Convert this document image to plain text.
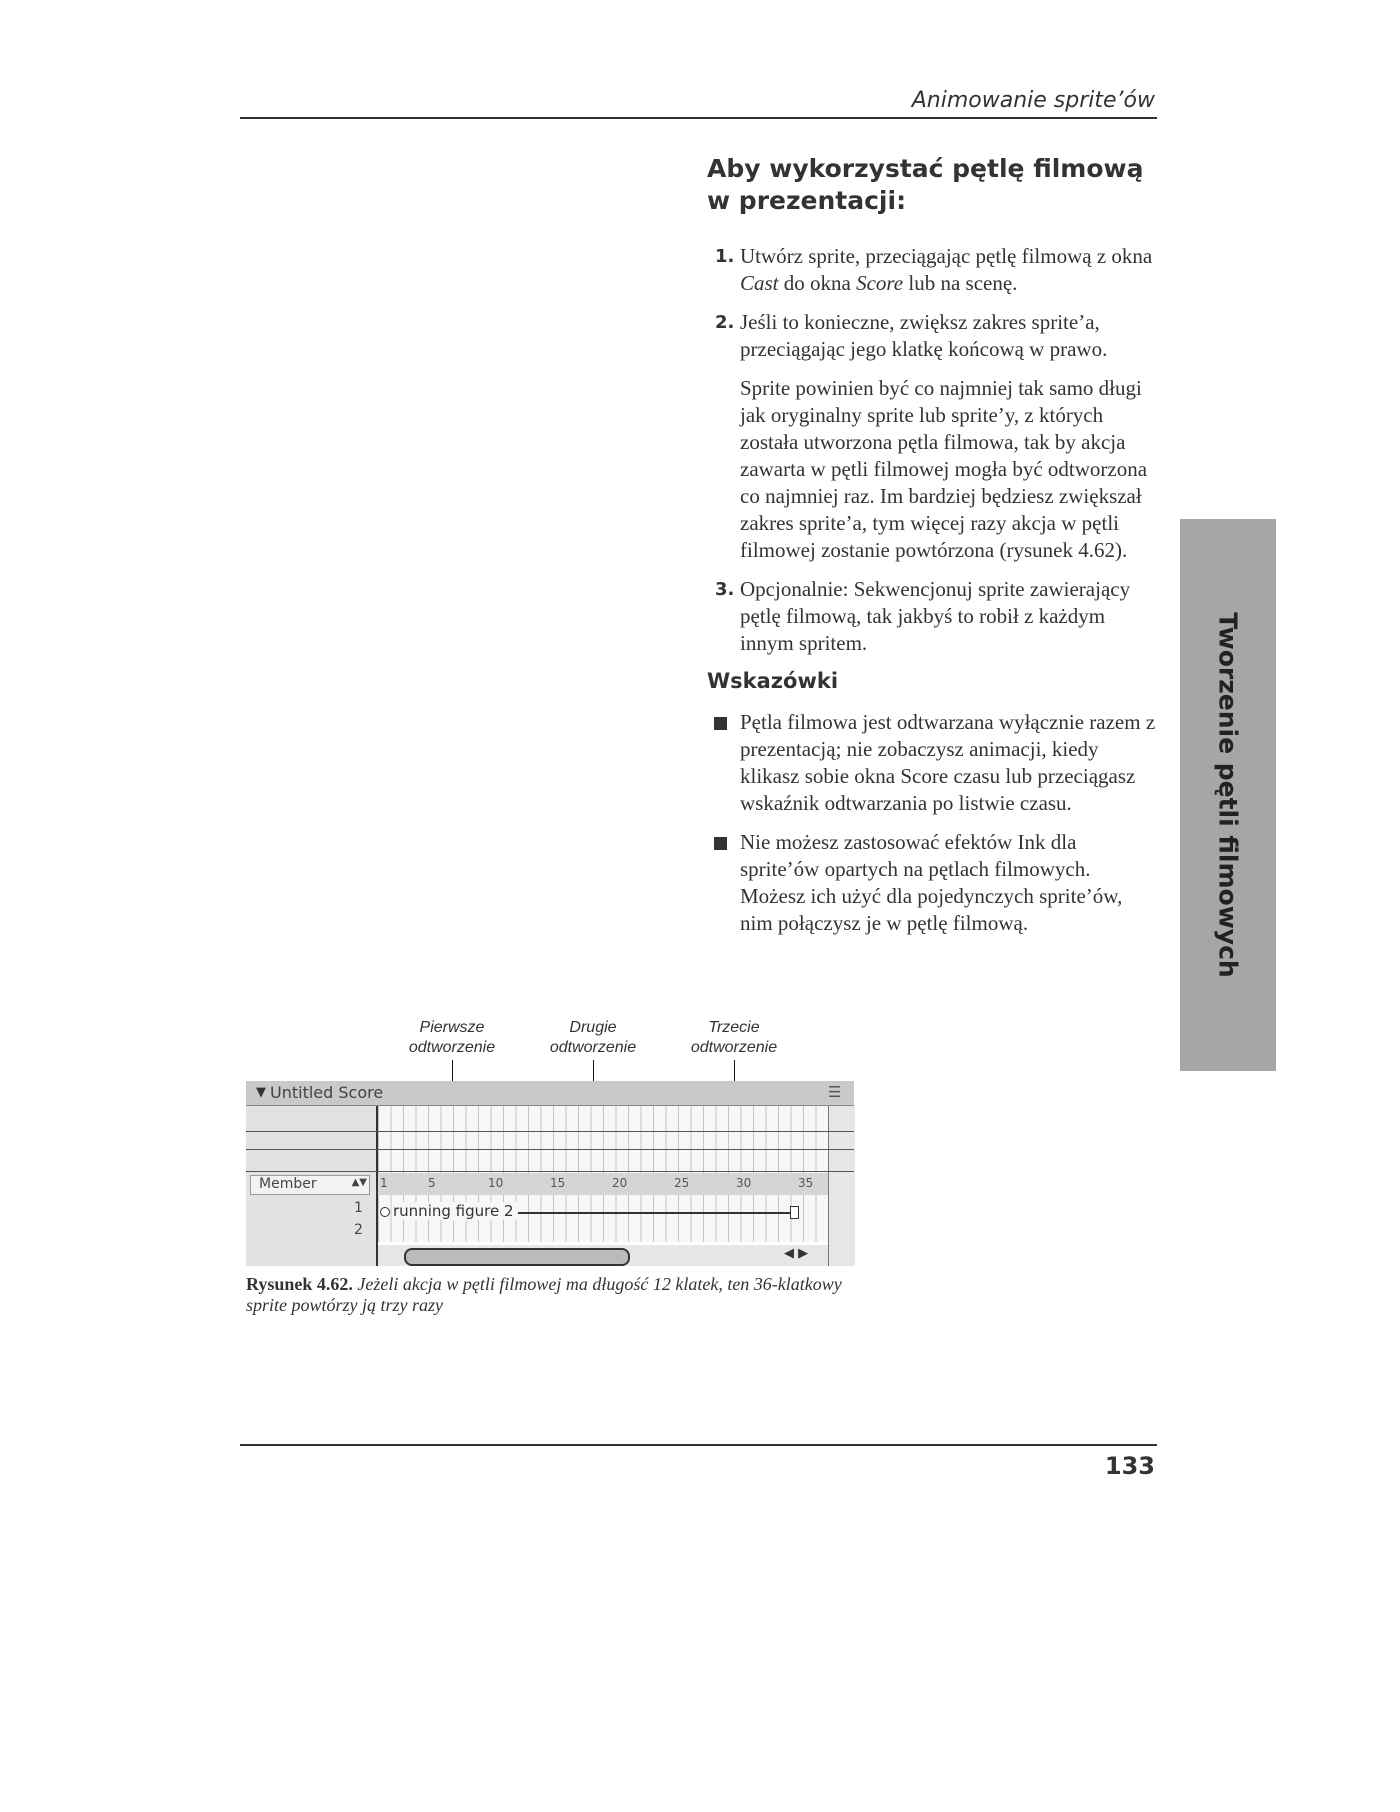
Animowanie sprite’ów
Aby wykorzystać pętlę filmową
w prezentacji:
1. Utwórz sprite, przeciągając pętlę filmową z okna Cast do okna Score lub na scenę.
2. Jeśli to konieczne, zwiększ zakres sprite’a, przeciągając jego klatkę końcową w prawo.
Sprite powinien być co najmniej tak samo długi jak oryginalny sprite lub sprite’y, z których została utworzona pętla filmowa, tak by akcja zawarta w pętli filmowej mogła być odtworzona co najmniej raz. Im bardziej będziesz zwiększał zakres sprite’a, tym więcej razy akcja w pętli filmowej zostanie powtórzona (rysunek 4.62).
3. Opcjonalnie: Sekwencjonuj sprite zawierający pętlę filmową, tak jakbyś to robił z każdym innym spritem.
Wskazówki
Pętla filmowa jest odtwarzana wyłącznie razem z prezentacją; nie zobaczysz animacji, kiedy klikasz sobie okna Score czasu lub przeciągasz wskaźnik odtwarzania po listwie czasu.
Nie możesz zastosować efektów Ink dla sprite’ów opartych na pętlach filmowych. Możesz ich użyć dla pojedynczych sprite’ów, nim połączysz je w pętlę filmową.	Tworzenie pętli filmowych
Pierwsze
odtworzenie
Drugie
odtworzenie
Trzecie
odtworzenie
▼ Untitled Score	☰
Member	▲▼ 1	5	10	15	20	25	30	35
1
2
running figure 2
◀ ▶
Rysunek 4.62. Jeżeli akcja w pętli filmowej ma długość 12 klatek, ten 36-klatkowy sprite powtórzy ją trzy razy
133
